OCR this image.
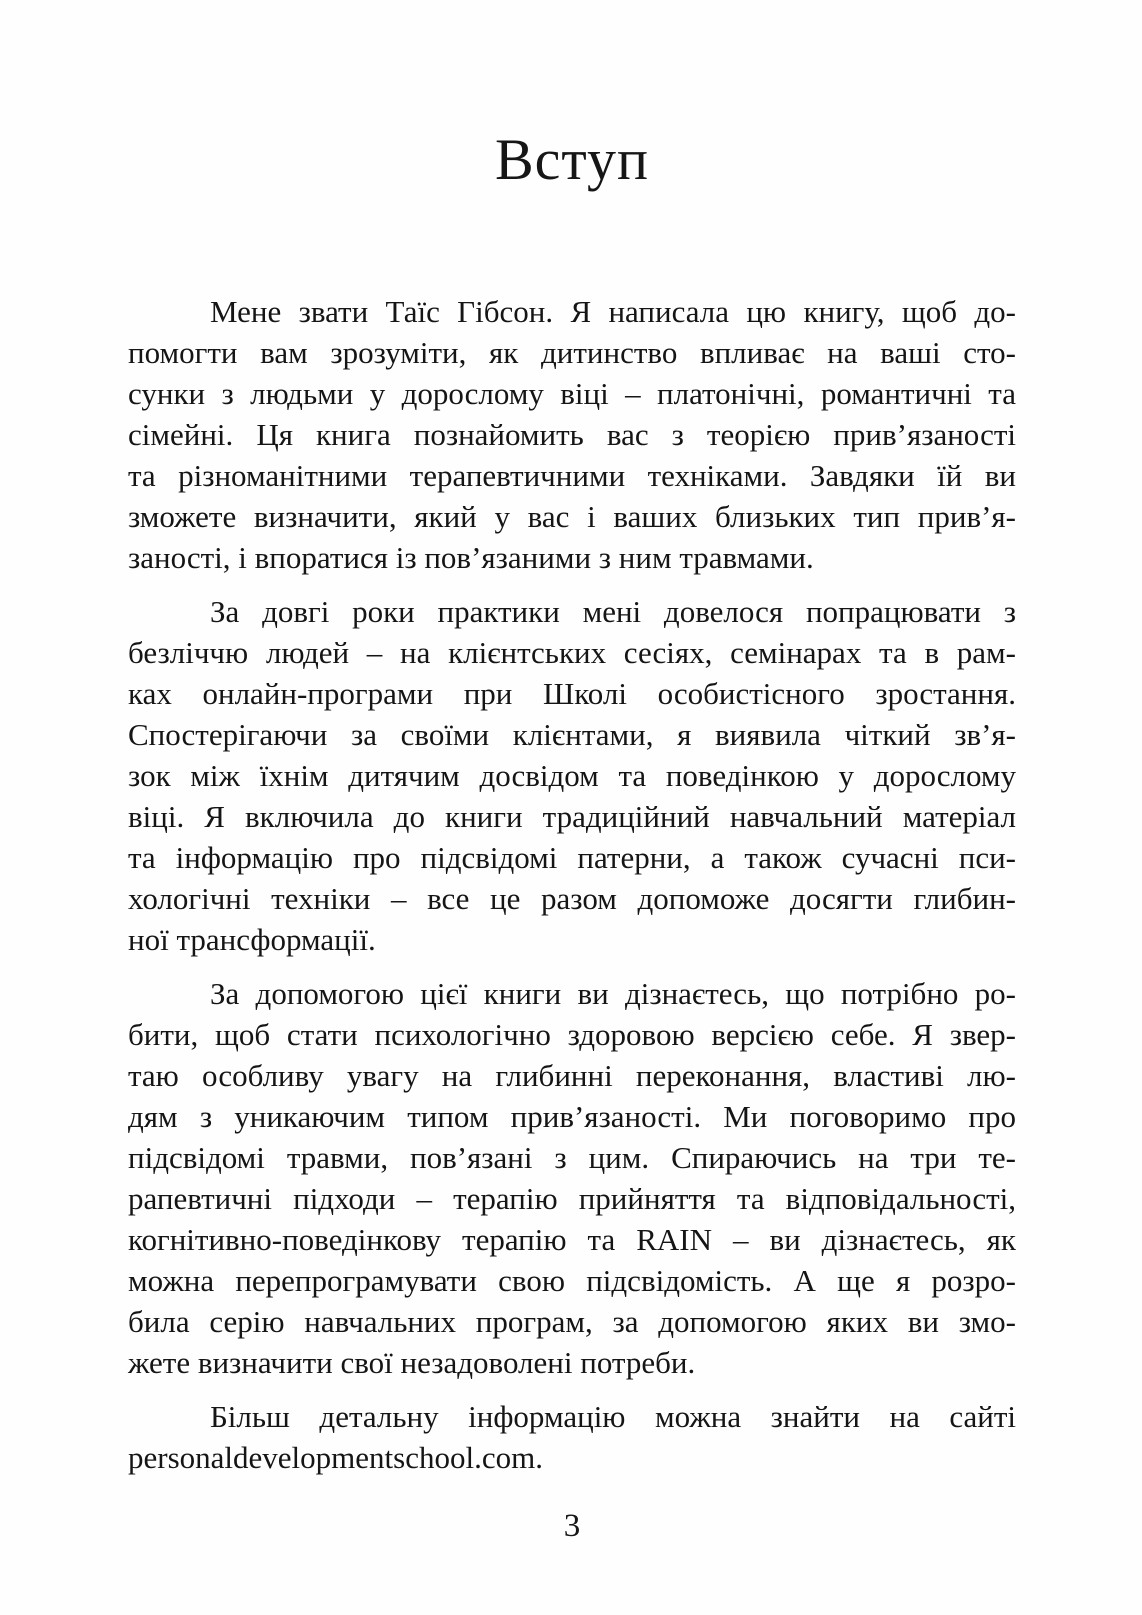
Вступ

Мене звати Таїс Гібсон. Я написала цю книгу, щоб до-
помогти вам зрозуміти, як дитинство впливає на ваші сто-
сунки з людьми у дорослому віці – платонічні, романтичні та
сімейні. Ця книга познайомить вас з теорією прив’язаності
та різноманітними терапевтичними техніками. Завдяки їй ви
зможете визначити, який у вас і ваших близьких тип прив’я-
заності, і впоратися із пов’язаними з ним травмами.

За довгі роки практики мені довелося попрацювати з
безліччю людей – на клієнтських сесіях, семінарах та в рам-
ках онлайн-програми при Школі особистісного зростання.
Спостерігаючи за своїми клієнтами, я виявила чіткий зв’я-
зок між їхнім дитячим досвідом та поведінкою у дорослому
віці. Я включила до книги традиційний навчальний матеріал
та інформацію про підсвідомі патерни, а також сучасні пси-
хологічні техніки – все це разом допоможе досягти глибин-
ної трансформації.

За допомогою цієї книги ви дізнаєтесь, що потрібно ро-
бити, щоб стати психологічно здоровою версією себе. Я звер-
таю особливу увагу на глибинні переконання, властиві лю-
дям з уникаючим типом прив’язаності. Ми поговоримо про
підсвідомі травми, пов’язані з цим. Спираючись на три те-
рапевтичні підходи – терапію прийняття та відповідальності,
когнітивно-поведінкову терапію та RAIN – ви дізнаєтесь, як
можна перепрограмувати свою підсвідомість. А ще я розро-
била серію навчальних програм, за допомогою яких ви змо-
жете визначити свої незадоволені потреби.

Більш детальну інформацію можна знайти на сайті
personaldevelopmentschool.com.

3
